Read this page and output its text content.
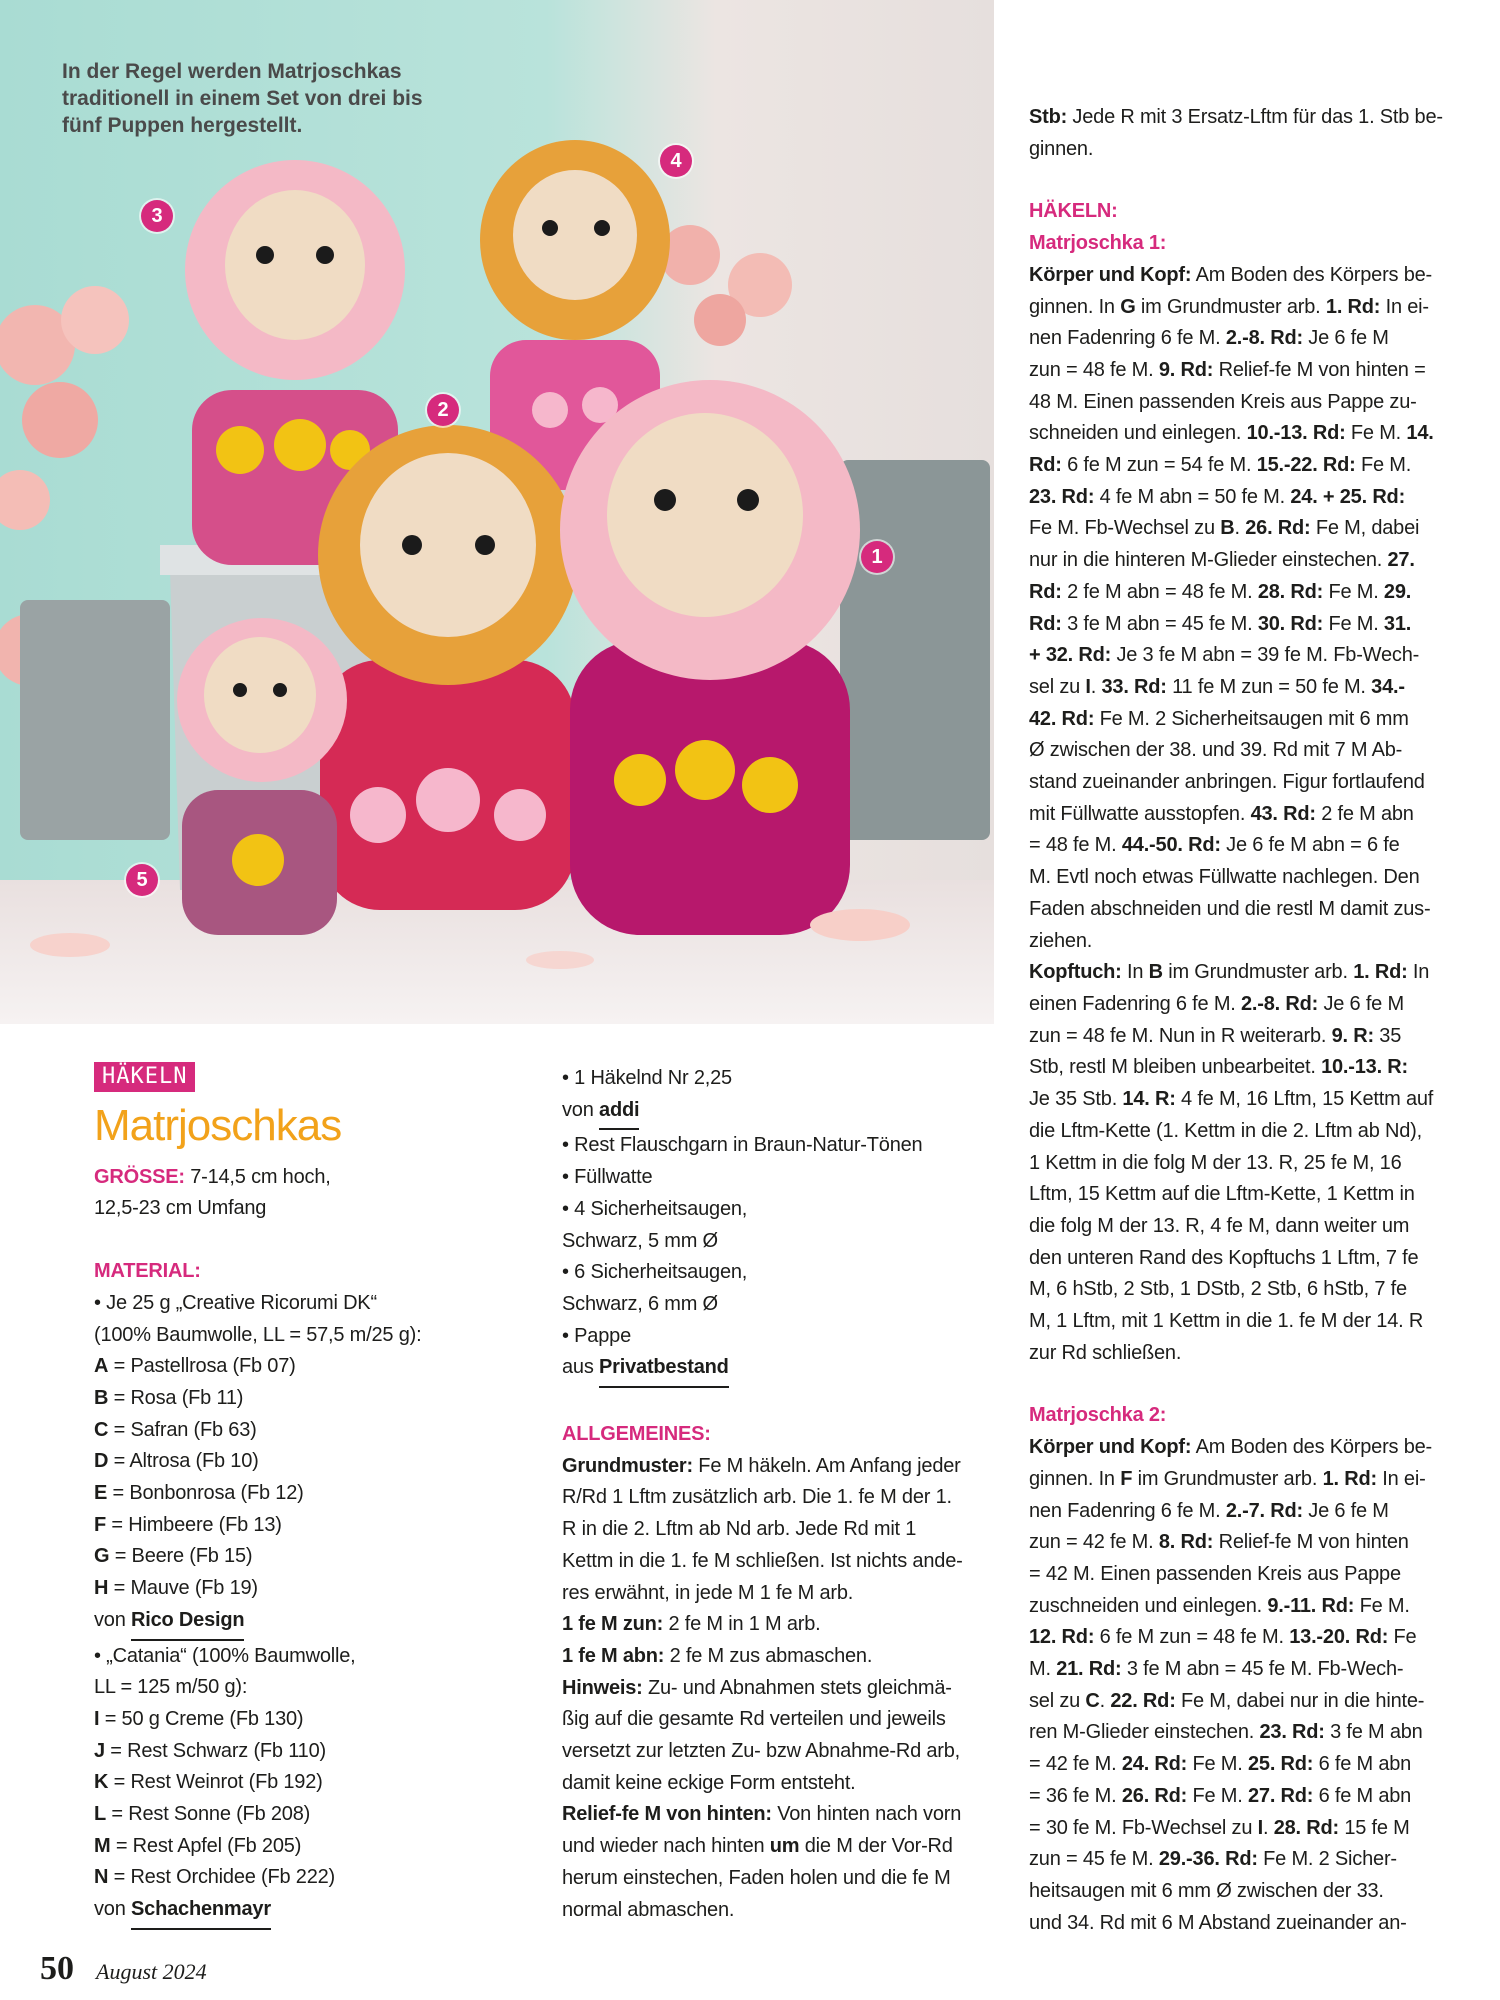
In der Regel werden Matrjoschkas traditionell in einem Set von drei bis fünf Puppen hergestellt.
1
2
3
4
5
HÄKELN
Matrjoschkas

GRÖSSE: 7-14,5 cm hoch,

12,5-23 cm Umfang

MATERIAL:

• Je 25 g „Creative Ricorumi DK“

(100% Baumwolle, LL = 57,5 m/25 g):

A = Pastellrosa (Fb 07)

B = Rosa (Fb 11)

C = Safran (Fb 63)

D = Altrosa (Fb 10)

E = Bonbonrosa (Fb 12)

F = Himbeere (Fb 13)

G = Beere (Fb 15)

H = Mauve (Fb 19)

von Rico Design

• „Catania“ (100% Baumwolle,

LL = 125 m/50 g):

I = 50 g Creme (Fb 130)

J = Rest Schwarz (Fb 110)

K = Rest Weinrot (Fb 192)

L = Rest Sonne (Fb 208)

M = Rest Apfel (Fb 205)

N = Rest Orchidee (Fb 222)

von Schachenmayr

• 1 Häkelnd Nr 2,25

von addi

• Rest Flauschgarn in Braun-Natur-Tönen

• Füllwatte

• 4 Sicherheitsaugen,

Schwarz, 5 mm Ø

• 6 Sicherheitsaugen,

Schwarz, 6 mm Ø

• Pappe

aus Privatbestand

ALLGEMEINES:

Grundmuster: Fe M häkeln. Am Anfang jeder

R/Rd 1 Lftm zusätzlich arb. Die 1. fe M der 1.

R in die 2. Lftm ab Nd arb. Jede Rd mit 1

Kettm in die 1. fe M schließen. Ist nichts ande-

res erwähnt, in jede M 1 fe M arb.

1 fe M zun: 2 fe M in 1 M arb.

1 fe M abn: 2 fe M zus abmaschen.

Hinweis: Zu- und Abnahmen stets gleichmä-

ßig auf die gesamte Rd verteilen und jeweils

versetzt zur letzten Zu- bzw Abnahme-Rd arb,

damit keine eckige Form entsteht.

Relief-fe M von hinten: Von hinten nach vorn

und wieder nach hinten um die M der Vor-Rd

herum einstechen, Faden holen und die fe M

normal abmaschen.

Stb: Jede R mit 3 Ersatz-Lftm für das 1. Stb be-

ginnen.

HÄKELN:

Matrjoschka 1:

Körper und Kopf: Am Boden des Körpers be-

ginnen. In G im Grundmuster arb. 1. Rd: In ei-

nen Fadenring 6 fe M. 2.-8. Rd: Je 6 fe M

zun = 48 fe M. 9. Rd: Relief-fe M von hinten =

48 M. Einen passenden Kreis aus Pappe zu-

schneiden und einlegen. 10.-13. Rd: Fe M. 14.

Rd: 6 fe M zun = 54 fe M. 15.-22. Rd: Fe M.

23. Rd: 4 fe M abn = 50 fe M. 24. + 25. Rd:

Fe M. Fb-Wechsel zu B. 26. Rd: Fe M, dabei

nur in die hinteren M-Glieder einstechen. 27.

Rd: 2 fe M abn = 48 fe M. 28. Rd: Fe M. 29.

Rd: 3 fe M abn = 45 fe M. 30. Rd: Fe M. 31.

+ 32. Rd: Je 3 fe M abn = 39 fe M. Fb-Wech-

sel zu I. 33. Rd: 11 fe M zun = 50 fe M. 34.-

42. Rd: Fe M. 2 Sicherheitsaugen mit 6 mm

Ø zwischen der 38. und 39. Rd mit 7 M Ab-

stand zueinander anbringen. Figur fortlaufend

mit Füllwatte ausstopfen. 43. Rd: 2 fe M abn

= 48 fe M. 44.-50. Rd: Je 6 fe M abn = 6 fe

M. Evtl noch etwas Füllwatte nachlegen. Den

Faden abschneiden und die restl M damit zus-

ziehen.

Kopftuch: In B im Grundmuster arb. 1. Rd: In

einen Fadenring 6 fe M. 2.-8. Rd: Je 6 fe M

zun = 48 fe M. Nun in R weiterarb. 9. R: 35

Stb, restl M bleiben unbearbeitet. 10.-13. R:

Je 35 Stb. 14. R: 4 fe M, 16 Lftm, 15 Kettm auf

die Lftm-Kette (1. Kettm in die 2. Lftm ab Nd),

1 Kettm in die folg M der 13. R, 25 fe M, 16

Lftm, 15 Kettm auf die Lftm-Kette, 1 Kettm in

die folg M der 13. R, 4 fe M, dann weiter um

den unteren Rand des Kopftuchs 1 Lftm, 7 fe

M, 6 hStb, 2 Stb, 1 DStb, 2 Stb, 6 hStb, 7 fe

M, 1 Lftm, mit 1 Kettm in die 1. fe M der 14. R

zur Rd schließen.

Matrjoschka 2:

Körper und Kopf: Am Boden des Körpers be-

ginnen. In F im Grundmuster arb. 1. Rd: In ei-

nen Fadenring 6 fe M. 2.-7. Rd: Je 6 fe M

zun = 42 fe M. 8. Rd: Relief-fe M von hinten

= 42 M. Einen passenden Kreis aus Pappe

zuschneiden und einlegen. 9.-11. Rd: Fe M.

12. Rd: 6 fe M zun = 48 fe M. 13.-20. Rd: Fe

M. 21. Rd: 3 fe M abn = 45 fe M. Fb-Wech-

sel zu C. 22. Rd: Fe M, dabei nur in die hinte-

ren M-Glieder einstechen. 23. Rd: 3 fe M abn

= 42 fe M. 24. Rd: Fe M. 25. Rd: 6 fe M abn

= 36 fe M. 26. Rd: Fe M. 27. Rd: 6 fe M abn

= 30 fe M. Fb-Wechsel zu I. 28. Rd: 15 fe M

zun = 45 fe M. 29.-36. Rd: Fe M. 2 Sicher-

heitsaugen mit 6 mm Ø zwischen der 33.

und 34. Rd mit 6 M Abstand zueinander an-

50 August 2024
